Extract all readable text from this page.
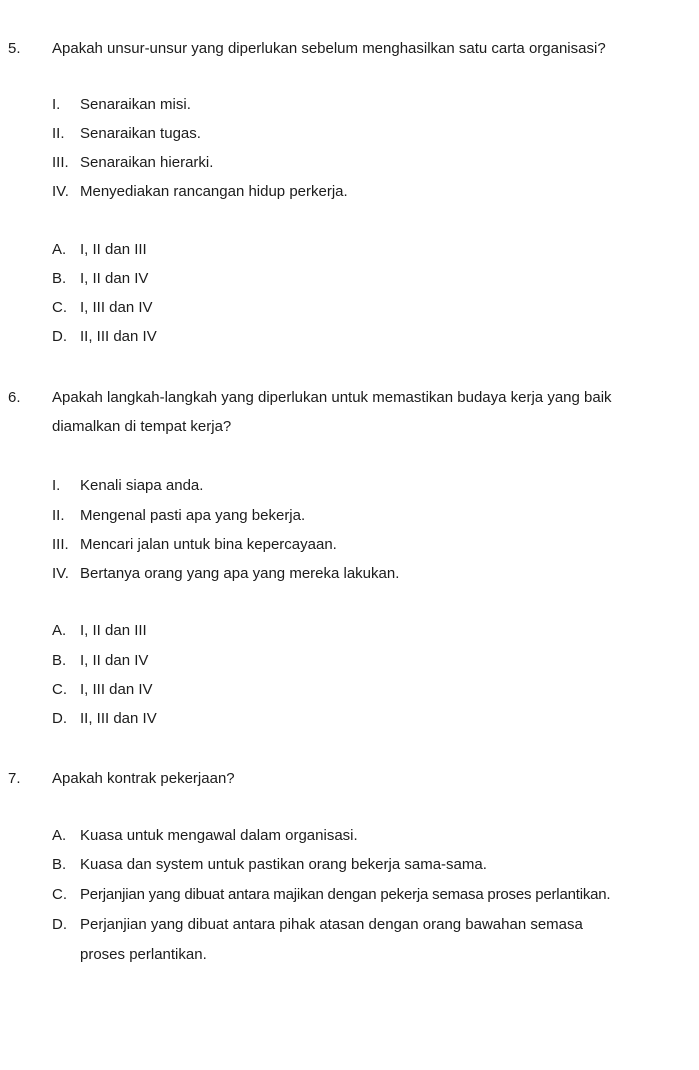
5. Apakah unsur-unsur yang diperlukan sebelum menghasilkan satu carta organisasi?
I. Senaraikan misi.
II. Senaraikan tugas.
III. Senaraikan hierarki.
IV. Menyediakan rancangan hidup perkerja.
A. I, II dan III
B. I, II dan IV
C. I, III dan IV
D. II, III dan IV
6. Apakah langkah-langkah yang diperlukan untuk memastikan budaya kerja yang baik
diamalkan di tempat kerja?
I. Kenali siapa anda.
II. Mengenal pasti apa yang bekerja.
III. Mencari jalan untuk bina kepercayaan.
IV. Bertanya orang yang apa yang mereka lakukan.
A. I, II dan III
B. I, II dan IV
C. I, III dan IV
D. II, III dan IV
7. Apakah kontrak pekerjaan?
A. Kuasa untuk mengawal dalam organisasi.
B. Kuasa dan system untuk pastikan orang bekerja sama-sama.
C. Perjanjian yang dibuat antara majikan dengan pekerja semasa proses perlantikan.
D. Perjanjian yang dibuat antara pihak atasan dengan orang bawahan semasa
proses perlantikan.
